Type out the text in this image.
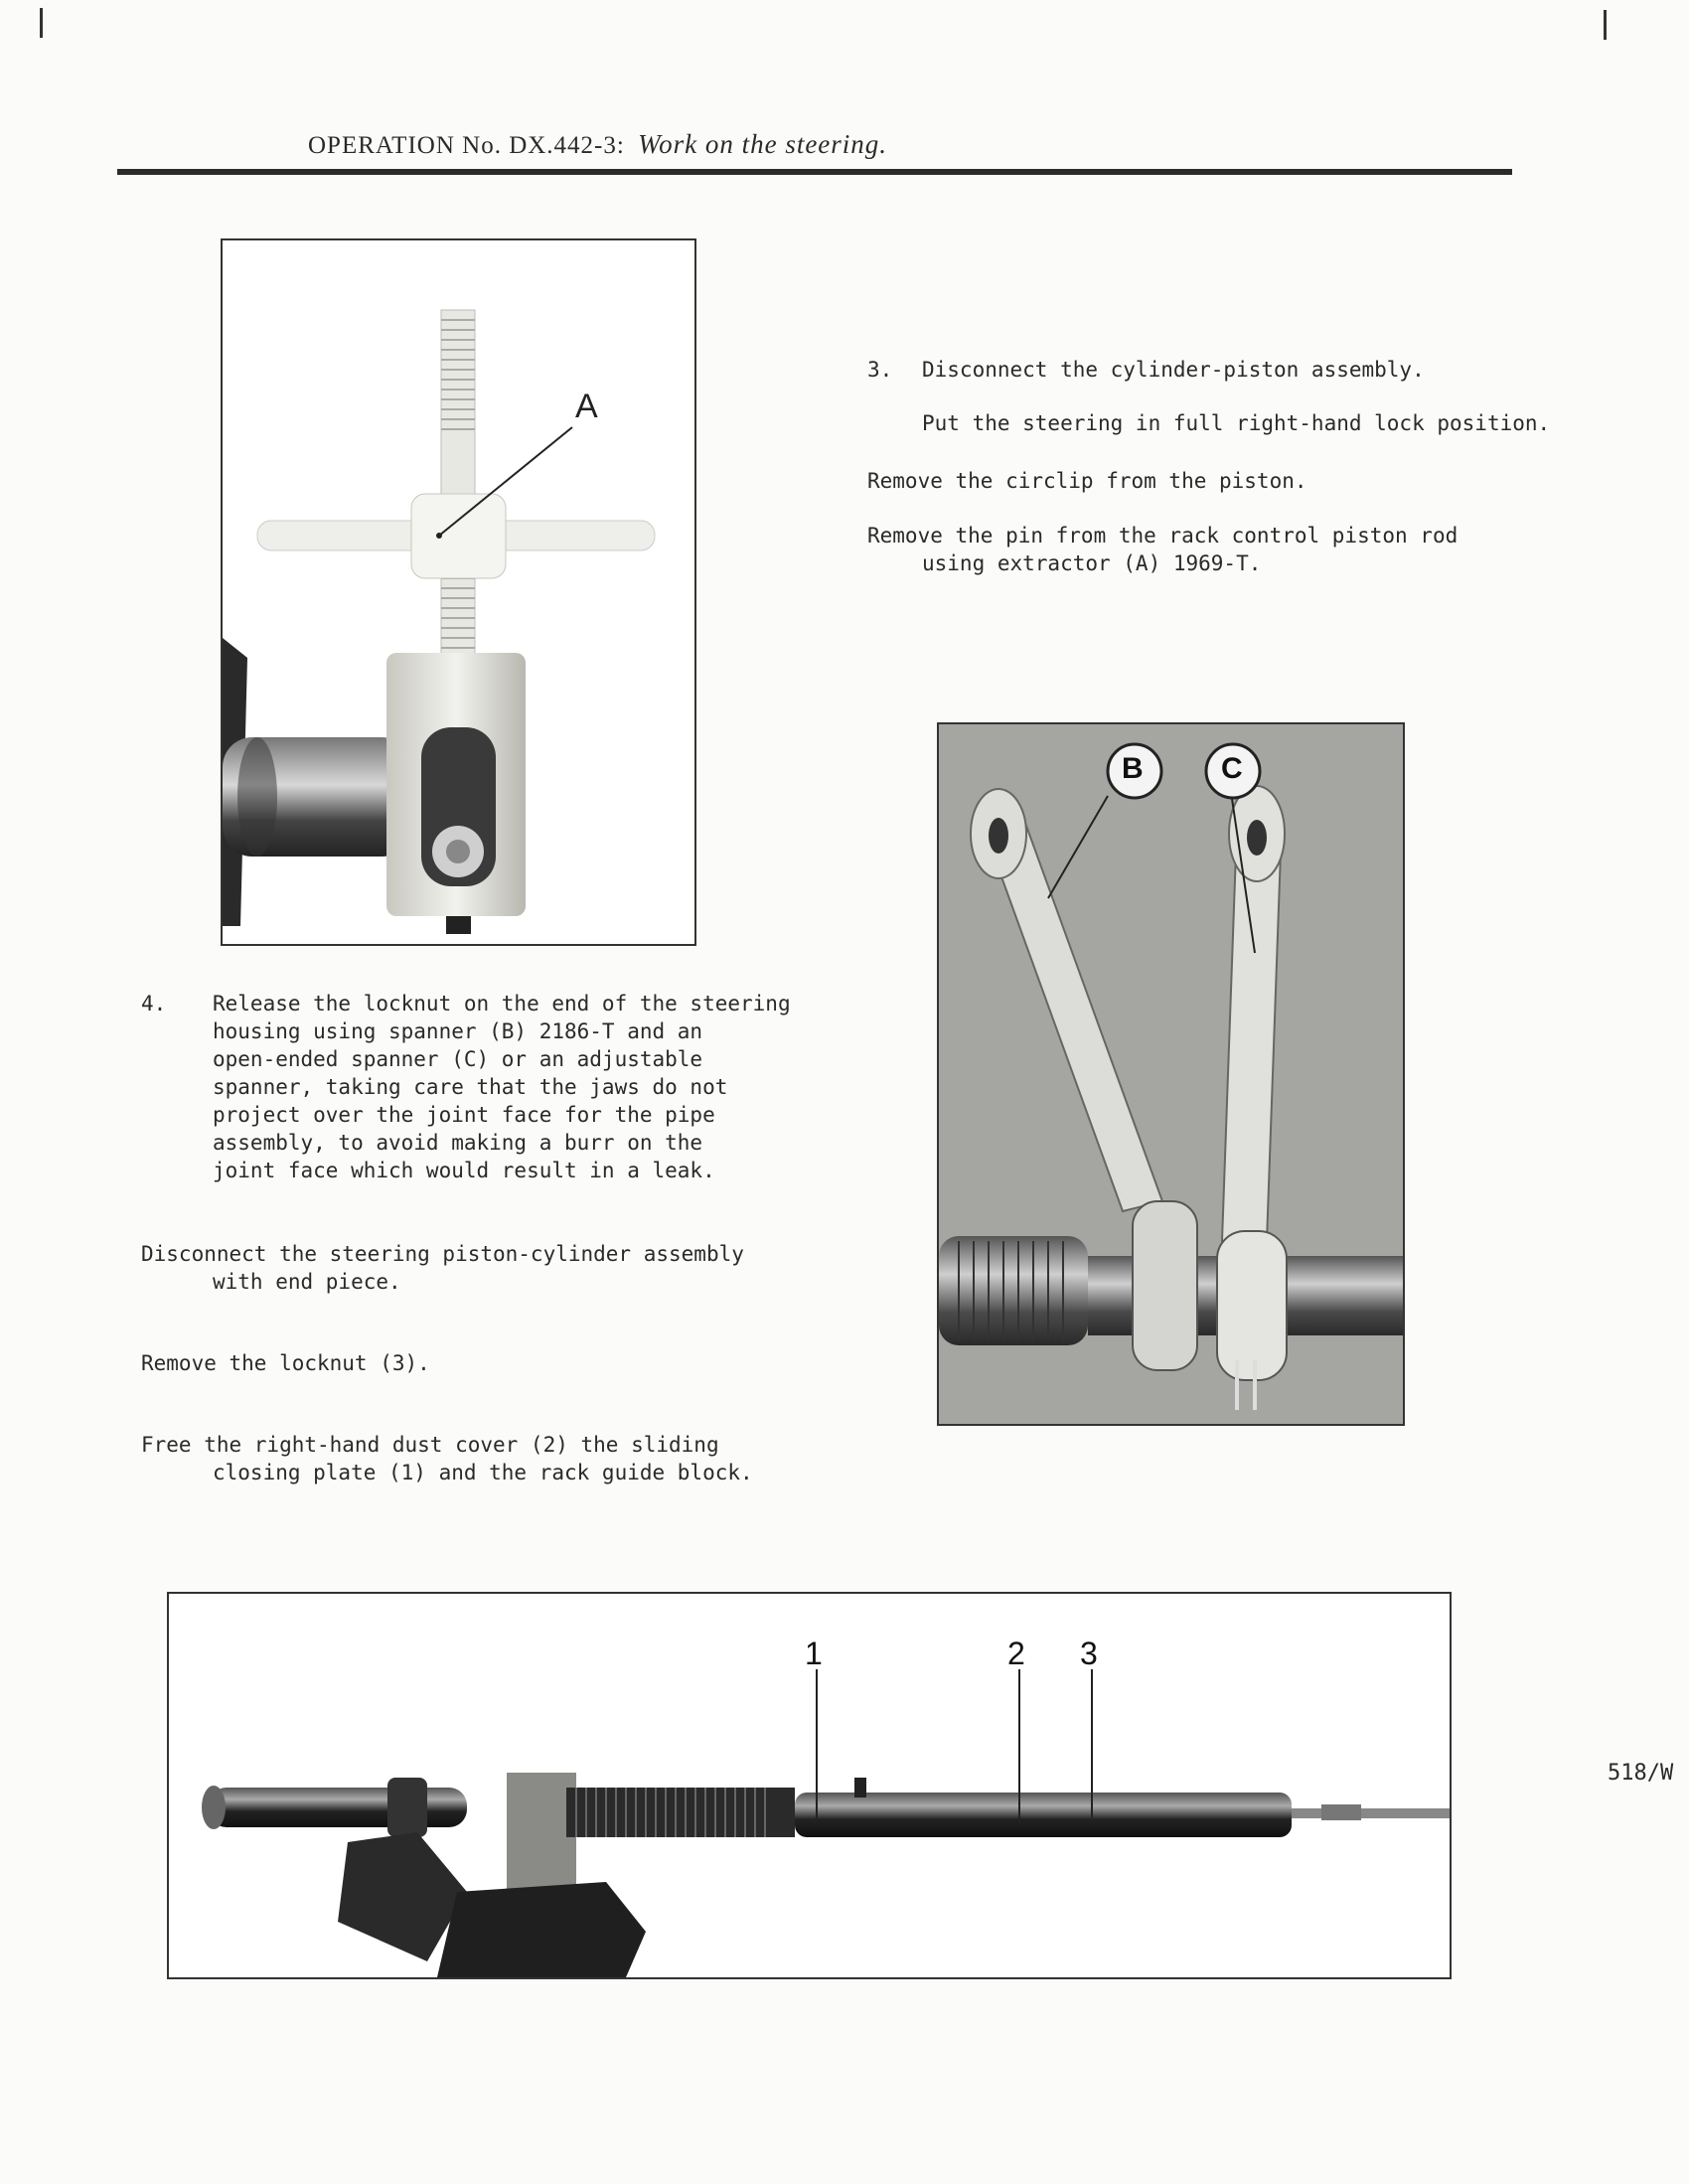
OPERATION No. DX.442-3: Work on the steering.
A
3. Disconnect the cylinder-piston assembly.
Put the steering in full right-hand lock position.
Remove the circlip from the piston.
Remove the pin from the rack control piston rod
using extractor (A) 1969-T.
B	C
4. Release the locknut on the end of the steering
housing using spanner (B) 2186-T and an
open-ended spanner (C) or an adjustable
spanner, taking care that the jaws do not
project over the joint face for the pipe
assembly, to avoid making a burr on the
joint face which would result in a leak.
Disconnect the steering piston-cylinder assembly
with end piece.
Remove the locknut (3).
Free the right-hand dust cover (2) the sliding
closing plate (1) and the rack guide block.
1	2 3
518/W
